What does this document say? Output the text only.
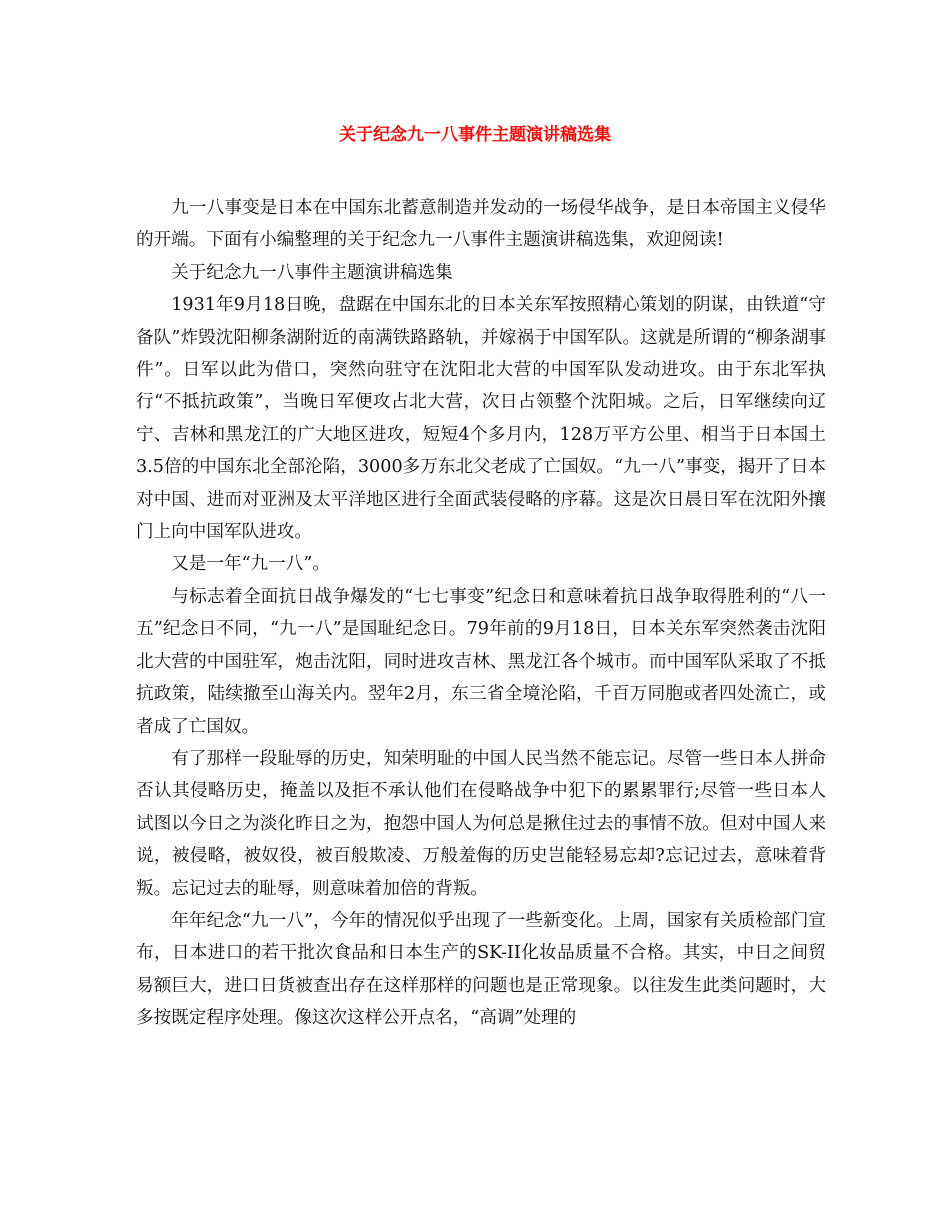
关于纪念九一八事件主题演讲稿选集

九一八事变是日本在中国东北蓄意制造并发动的一场侵华战争，是日本帝国主义侵华的开端。下面有小编整理的关于纪念九一八事件主题演讲稿选集，欢迎阅读!

关于纪念九一八事件主题演讲稿选集

1931年9月18日晚，盘踞在中国东北的日本关东军按照精心策划的阴谋，由铁道“守备队”炸毁沈阳柳条湖附近的南满铁路路轨，并嫁祸于中国军队。这就是所谓的“柳条湖事件”。日军以此为借口，突然向驻守在沈阳北大营的中国军队发动进攻。由于东北军执行“不抵抗政策”，当晚日军便攻占北大营，次日占领整个沈阳城。之后，日军继续向辽宁、吉林和黑龙江的广大地区进攻，短短4个多月内，128万平方公里、相当于日本国土3.5倍的中国东北全部沦陷，3000多万东北父老成了亡国奴。“九一八”事变，揭开了日本对中国、进而对亚洲及太平洋地区进行全面武装侵略的序幕。这是次日晨日军在沈阳外攘门上向中国军队进攻。

又是一年“九一八”。

与标志着全面抗日战争爆发的“七七事变”纪念日和意味着抗日战争取得胜利的“八一五”纪念日不同，“九一八”是国耻纪念日。79年前的9月18日，日本关东军突然袭击沈阳北大营的中国驻军，炮击沈阳，同时进攻吉林、黑龙江各个城市。而中国军队采取了不抵抗政策，陆续撤至山海关内。翌年2月，东三省全境沦陷，千百万同胞或者四处流亡，或者成了亡国奴。

有了那样一段耻辱的历史，知荣明耻的中国人民当然不能忘记。尽管一些日本人拼命否认其侵略历史，掩盖以及拒不承认他们在侵略战争中犯下的累累罪行;尽管一些日本人试图以今日之为淡化昨日之为，抱怨中国人为何总是揪住过去的事情不放。但对中国人来说，被侵略，被奴役，被百般欺凌、万般羞侮的历史岂能轻易忘却?忘记过去，意味着背叛。忘记过去的耻辱，则意味着加倍的背叛。

年年纪念“九一八”，今年的情况似乎出现了一些新变化。上周，国家有关质检部门宣布，日本进口的若干批次食品和日本生产的SK-II化妆品质量不合格。其实，中日之间贸易额巨大，进口日货被查出存在这样那样的问题也是正常现象。以往发生此类问题时，大多按既定程序处理。像这次这样公开点名，“高调”处理的
